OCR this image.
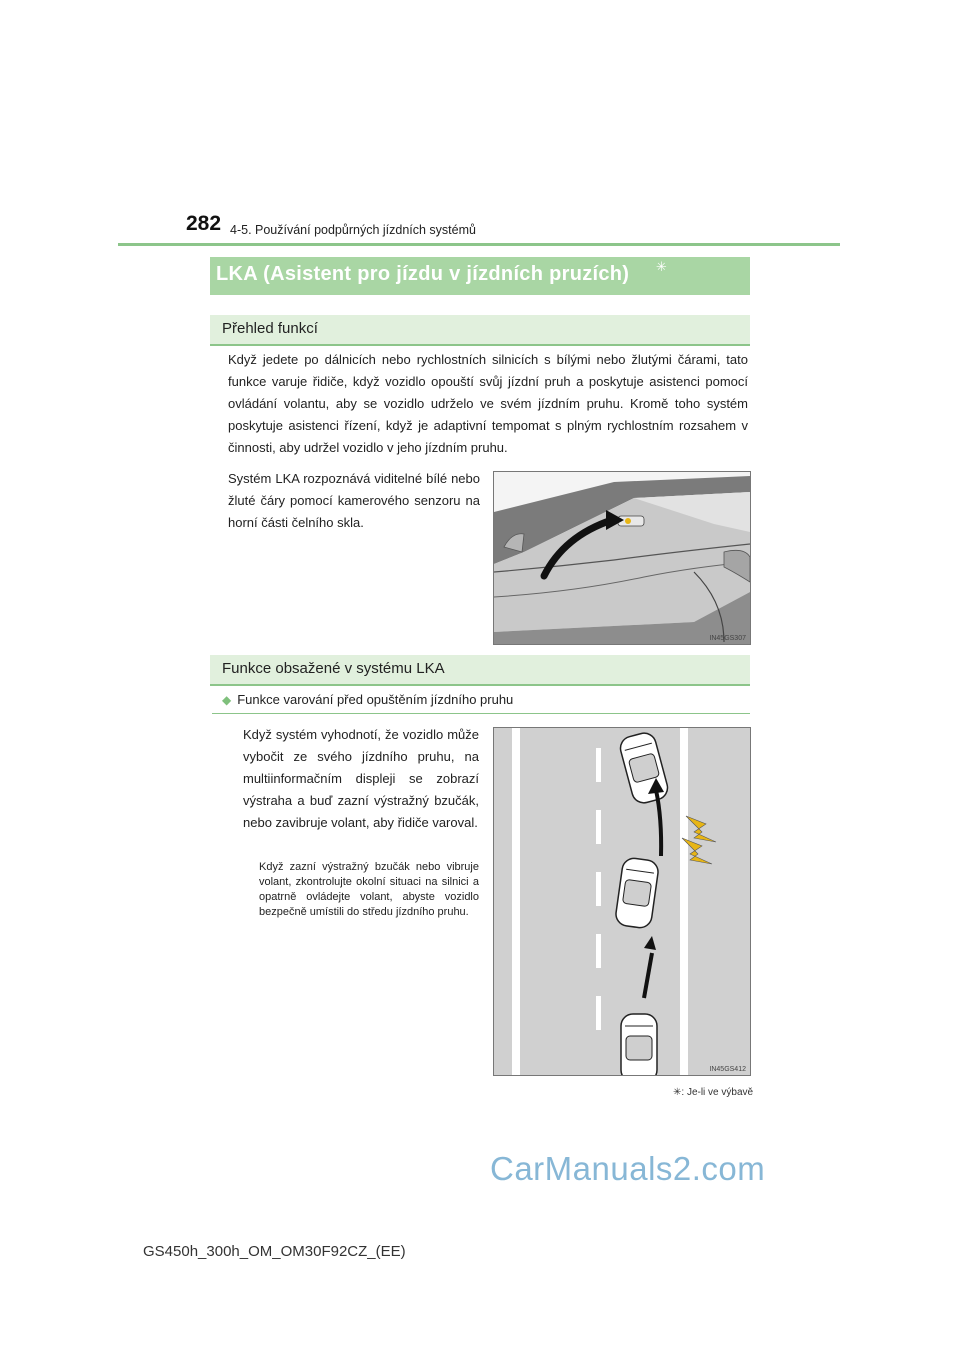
282 4-5. Používání podpůrných jízdních systémů
LKA (Asistent pro jízdu v jízdních pruzích) ✳
Přehled funkcí
Když jedete po dálnicích nebo rychlostních silnicích s bílými nebo žlutými čárami, tato funkce varuje řidiče, když vozidlo opouští svůj jízdní pruh a poskytuje asistenci pomocí ovládání volantu, aby se vozidlo udrželo ve svém jízdním pruhu. Kromě toho systém poskytuje asistenci řízení, když je adaptivní tempomat s plným rychlostním rozsahem v činnosti, aby udržel vozidlo v jeho jízdním pruhu.
Systém LKA rozpoznává viditelné bílé nebo žluté čáry pomocí kamerového senzoru na horní části čelního skla.
IN45GS307
Funkce obsažené v systému LKA
◆ Funkce varování před opuštěním jízdního pruhu
Když systém vyhodnotí, že vozidlo může vybočit ze svého jízdního pruhu, na multiinformačním displeji se zobrazí výstraha a buď zazní výstražný bzučák, nebo zavibruje volant, aby řidiče varoval.
Když zazní výstražný bzučák nebo vibruje volant, zkontrolujte okolní situaci na silnici a opatrně ovládejte volant, abyste vozidlo bezpečně umístili do středu jízdního pruhu.
IN45GS412
✳: Je-li ve výbavě
CarManuals2.com
GS450h_300h_OM_OM30F92CZ_(EE)
